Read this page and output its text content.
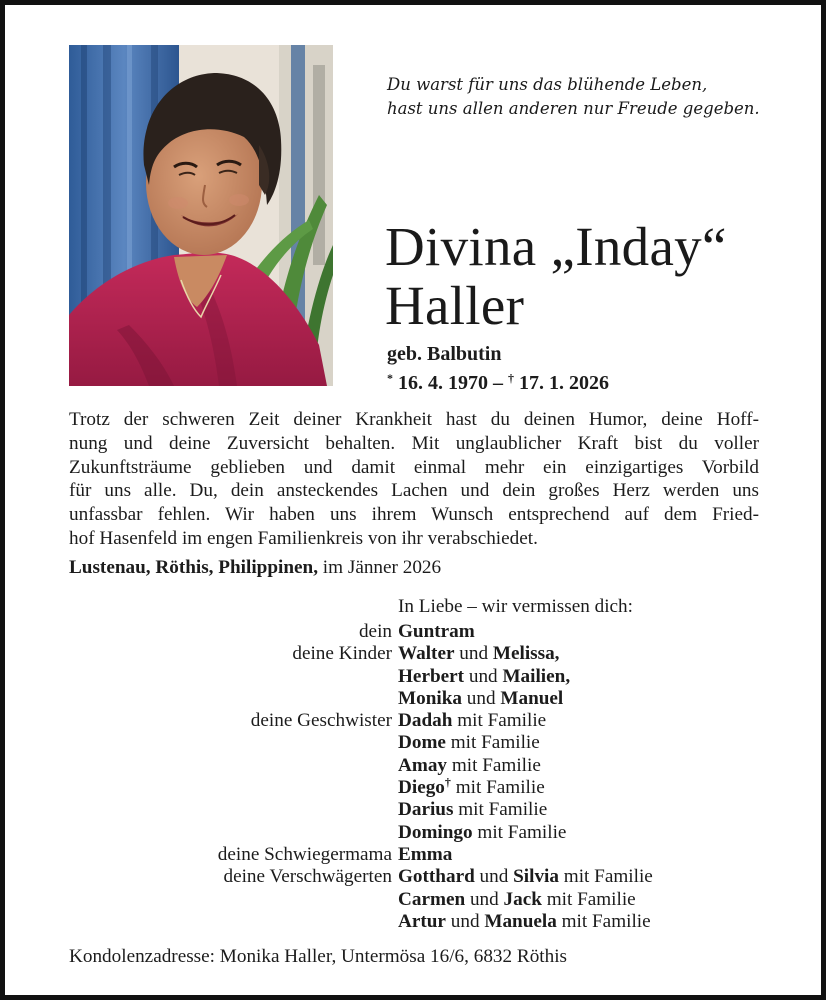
Du warst für uns das blühende Leben,
hast uns allen anderen nur Freude gegeben.
Divina „Inday“
Haller
geb. Balbutin
* 16. 4. 1970 – † 17. 1. 2026
Trotz der schweren Zeit deiner Krankheit hast du deinen Humor, deine Hoff-
nung und deine Zuversicht behalten. Mit unglaublicher Kraft bist du voller
Zukunftsträume geblieben und damit einmal mehr ein einzigartiges Vorbild
für uns alle. Du, dein ansteckendes Lachen und dein großes Herz werden uns
unfassbar fehlen. Wir haben uns ihrem Wunsch entsprechend auf dem Fried-
hof Hasenfeld im engen Familienkreis von ihr verabschiedet.
Lustenau, Röthis, Philippinen, im Jänner 2026
In Liebe – wir vermissen dich:
dein Guntram
deine Kinder Walter und Melissa,
Herbert und Mailien,
Monika und Manuel
deine Geschwister Dadah mit Familie
Dome mit Familie
Amay mit Familie
Diego† mit Familie
Darius mit Familie
Domingo mit Familie
deine Schwiegermama Emma
deine Verschwägerten Gotthard und Silvia mit Familie
Carmen und Jack mit Familie
Artur und Manuela mit Familie
Kondolenzadresse: Monika Haller, Untermösa 16/6, 6832 Röthis
